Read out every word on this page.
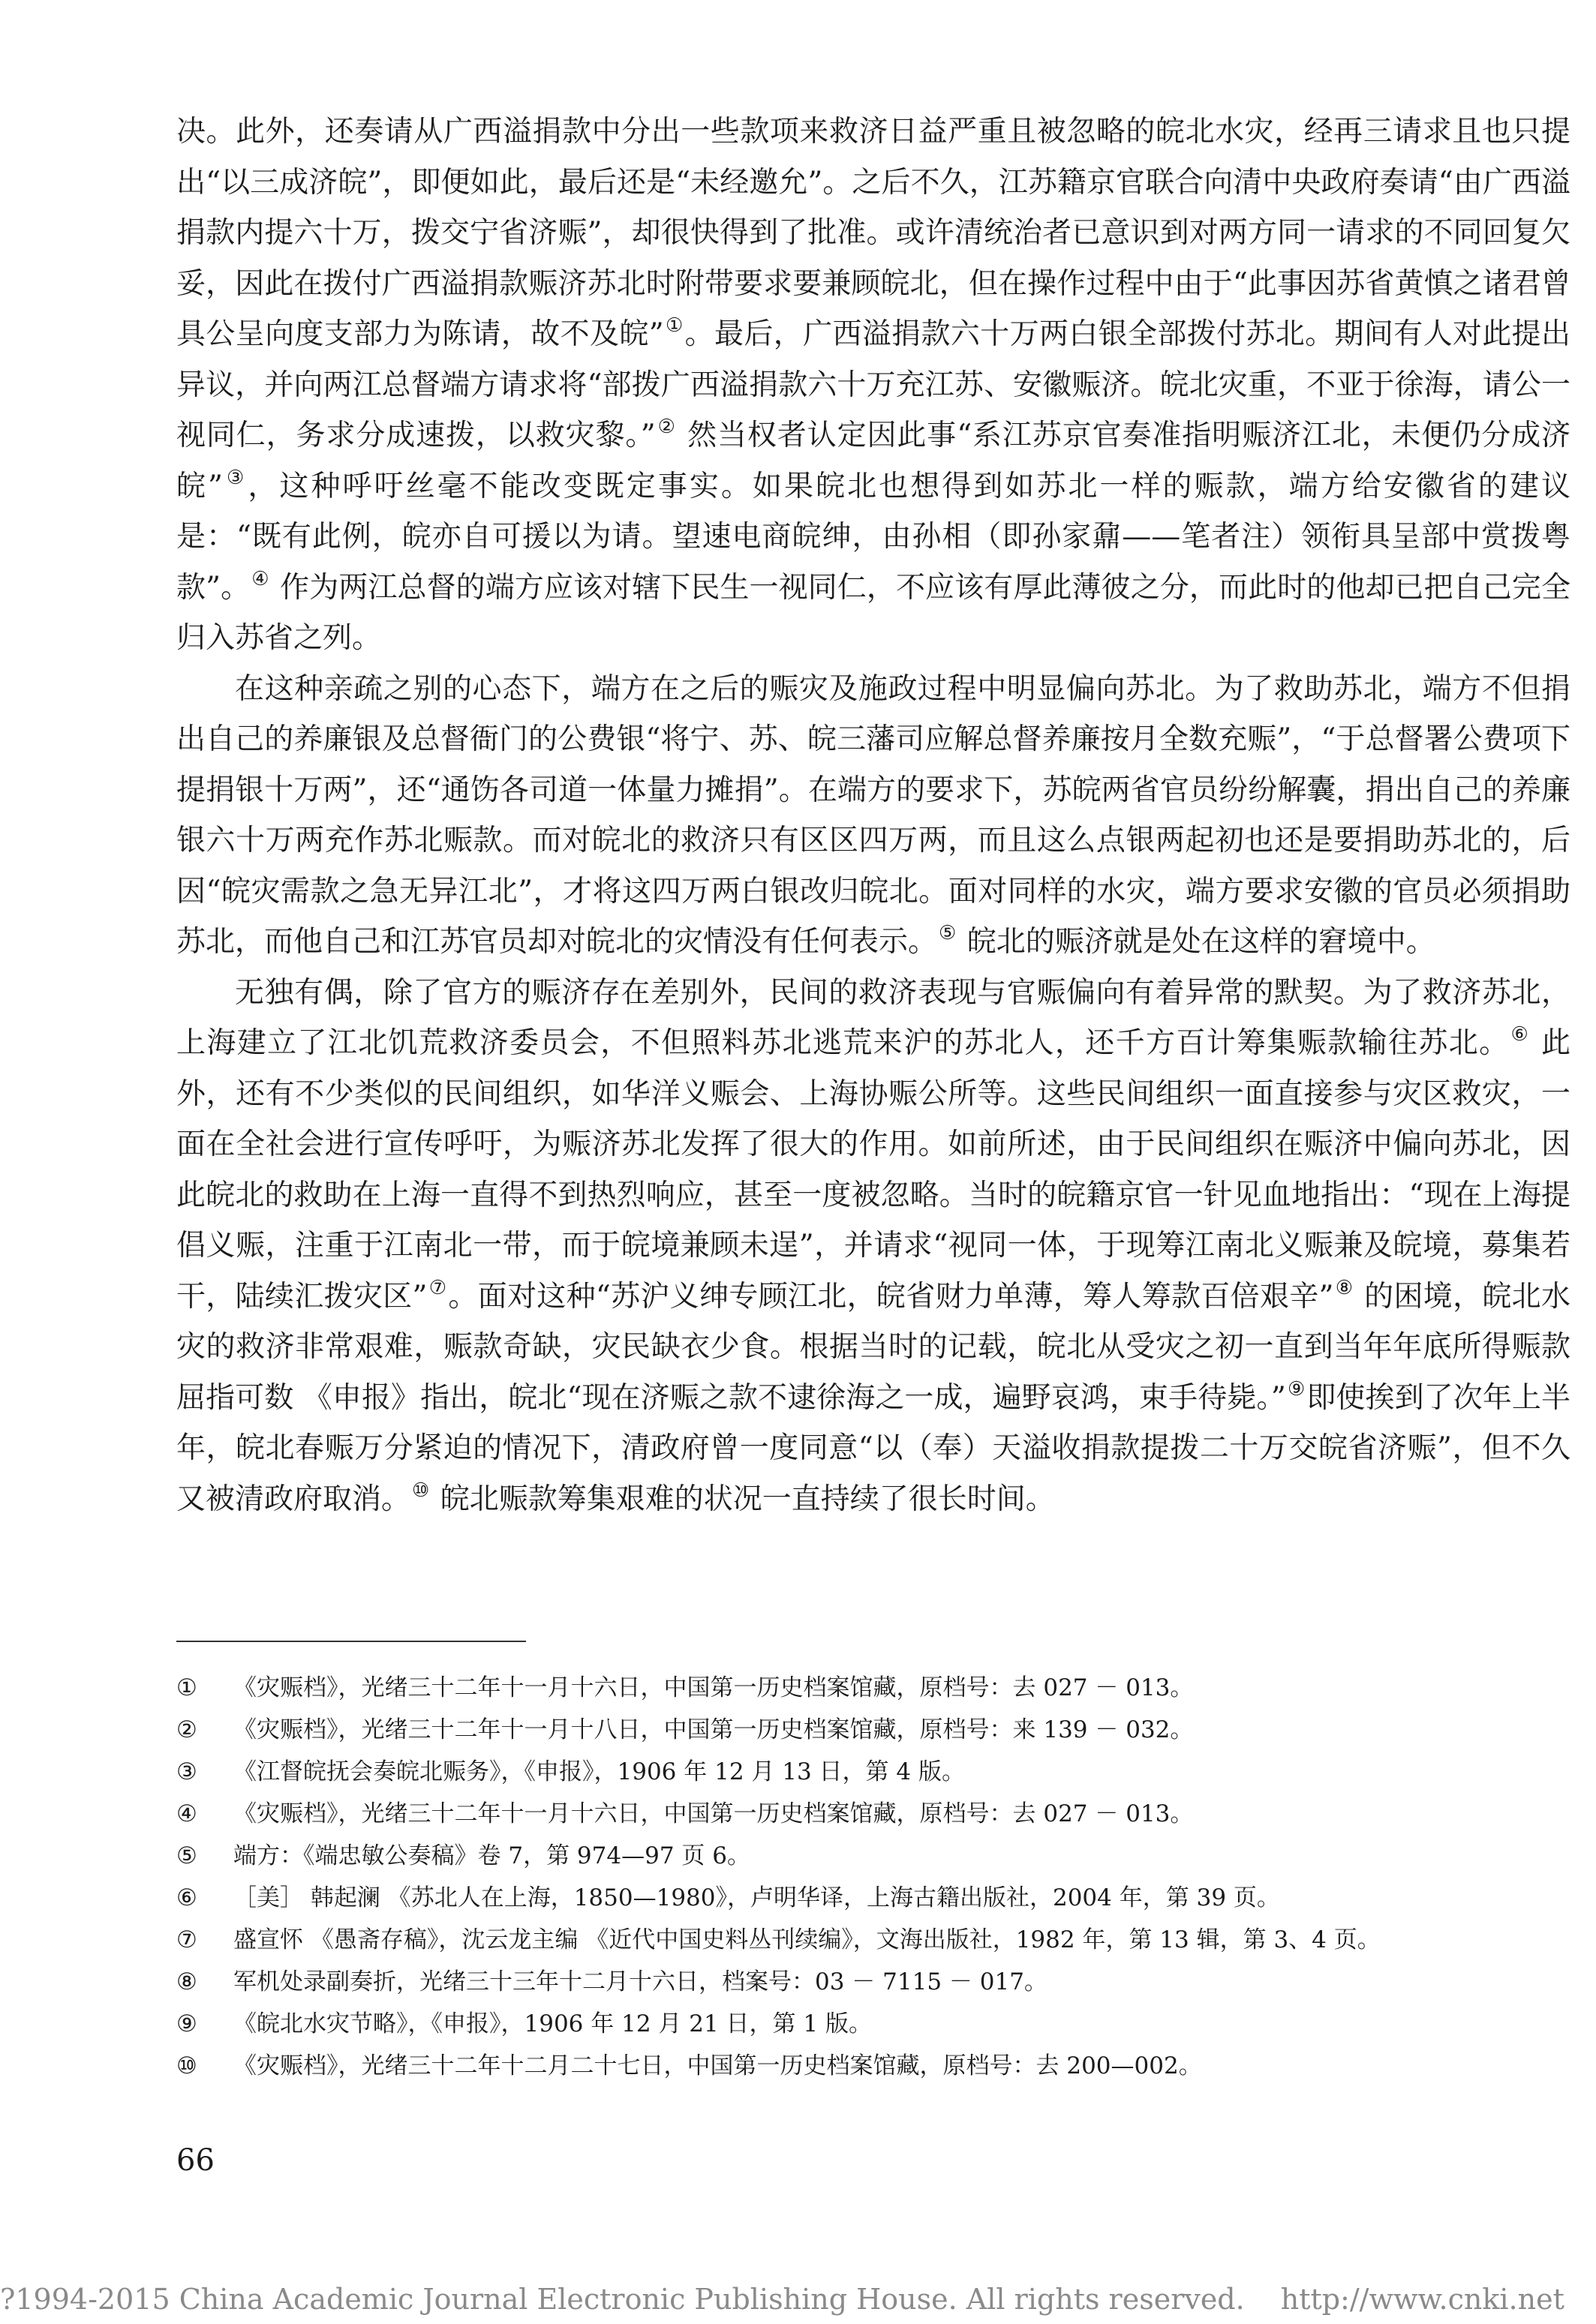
决。此外，还奏请从广西溢捐款中分出一些款项来救济日益严重且被忽略的皖北水灾，经再三请求且也只提出“以三成济皖”，即便如此，最后还是“未经邀允”。之后不久，江苏籍京官联合向清中央政府奏请“由广西溢捐款内提六十万，拨交宁省济赈”，却很快得到了批准。或许清统治者已意识到对两方同一请求的不同回复欠妥，因此在拨付广西溢捐款赈济苏北时附带要求要兼顾皖北，但在操作过程中由于“此事因苏省黄慎之诸君曾具公呈向度支部力为陈请，故不及皖”①。最后，广西溢捐款六十万两白银全部拨付苏北。期间有人对此提出异议，并向两江总督端方请求将“部拨广西溢捐款六十万充江苏、安徽赈济。皖北灾重，不亚于徐海，请公一视同仁，务求分成速拨，以救灾黎。”② 然当权者认定因此事“系江苏京官奏准指明赈济江北，未便仍分成济皖”③，这种呼吁丝毫不能改变既定事实。如果皖北也想得到如苏北一样的赈款，端方给安徽省的建议是：“既有此例，皖亦自可援以为请。望速电商皖绅，由孙相（即孙家鼐——笔者注）领衔具呈部中赏拨粤款”。④ 作为两江总督的端方应该对辖下民生一视同仁，不应该有厚此薄彼之分，而此时的他却已把自己完全归入苏省之列。

在这种亲疏之别的心态下，端方在之后的赈灾及施政过程中明显偏向苏北。为了救助苏北，端方不但捐出自己的养廉银及总督衙门的公费银“将宁、苏、皖三藩司应解总督养廉按月全数充赈”，“于总督署公费项下提捐银十万两”，还“通饬各司道一体量力摊捐”。在端方的要求下，苏皖两省官员纷纷解囊，捐出自己的养廉银六十万两充作苏北赈款。而对皖北的救济只有区区四万两，而且这么点银两起初也还是要捐助苏北的，后因“皖灾需款之急无异江北”，才将这四万两白银改归皖北。面对同样的水灾，端方要求安徽的官员必须捐助苏北，而他自己和江苏官员却对皖北的灾情没有任何表示。⑤ 皖北的赈济就是处在这样的窘境中。

无独有偶，除了官方的赈济存在差别外，民间的救济表现与官赈偏向有着异常的默契。为了救济苏北，上海建立了江北饥荒救济委员会，不但照料苏北逃荒来沪的苏北人，还千方百计筹集赈款输往苏北。⑥ 此外，还有不少类似的民间组织，如华洋义赈会、上海协赈公所等。这些民间组织一面直接参与灾区救灾，一面在全社会进行宣传呼吁，为赈济苏北发挥了很大的作用。如前所述，由于民间组织在赈济中偏向苏北，因此皖北的救助在上海一直得不到热烈响应，甚至一度被忽略。当时的皖籍京官一针见血地指出：“现在上海提倡义赈，注重于江南北一带，而于皖境兼顾未逞”，并请求“视同一体，于现筹江南北义赈兼及皖境，募集若干，陆续汇拨灾区”⑦。面对这种“苏沪义绅专顾江北，皖省财力单薄，筹人筹款百倍艰辛”⑧ 的困境，皖北水灾的救济非常艰难，赈款奇缺，灾民缺衣少食。根据当时的记载，皖北从受灾之初一直到当年年底所得赈款屈指可数 《申报》指出，皖北“现在济赈之款不逮徐海之一成，遍野哀鸿，束手待毙。”⑨即使挨到了次年上半年，皖北春赈万分紧迫的情况下，清政府曾一度同意“以（奉）天溢收捐款提拨二十万交皖省济赈”，但不久又被清政府取消。⑩ 皖北赈款筹集艰难的状况一直持续了很长时间。

①	《灾赈档》，光绪三十二年十一月十六日，中国第一历史档案馆藏，原档号：去 027 － 013。
②	《灾赈档》，光绪三十二年十一月十八日，中国第一历史档案馆藏，原档号：来 139 － 032。
③	《江督皖抚会奏皖北赈务》，《申报》，1906 年 12 月 13 日，第 4 版。
④	《灾赈档》，光绪三十二年十一月十六日，中国第一历史档案馆藏，原档号：去 027 － 013。
⑤	端方：《端忠敏公奏稿》卷 7，第 974—97 页 6。
⑥	［美］ 韩起澜 《苏北人在上海，1850—1980》，卢明华译，上海古籍出版社，2004 年，第 39 页。
⑦	盛宣怀 《愚斋存稿》，沈云龙主编 《近代中国史料丛刊续编》，文海出版社，1982 年，第 13 辑，第 3、4 页。
⑧	军机处录副奏折，光绪三十三年十二月十六日，档案号：03 － 7115 － 017。
⑨	《皖北水灾节略》，《申报》，1906 年 12 月 21 日，第 1 版。
⑩	《灾赈档》，光绪三十二年十二月二十七日，中国第一历史档案馆藏，原档号：去 200—002。
66
?1994-2015 China Academic Journal Electronic Publishing House. All rights reserved. http://www.cnki.net
